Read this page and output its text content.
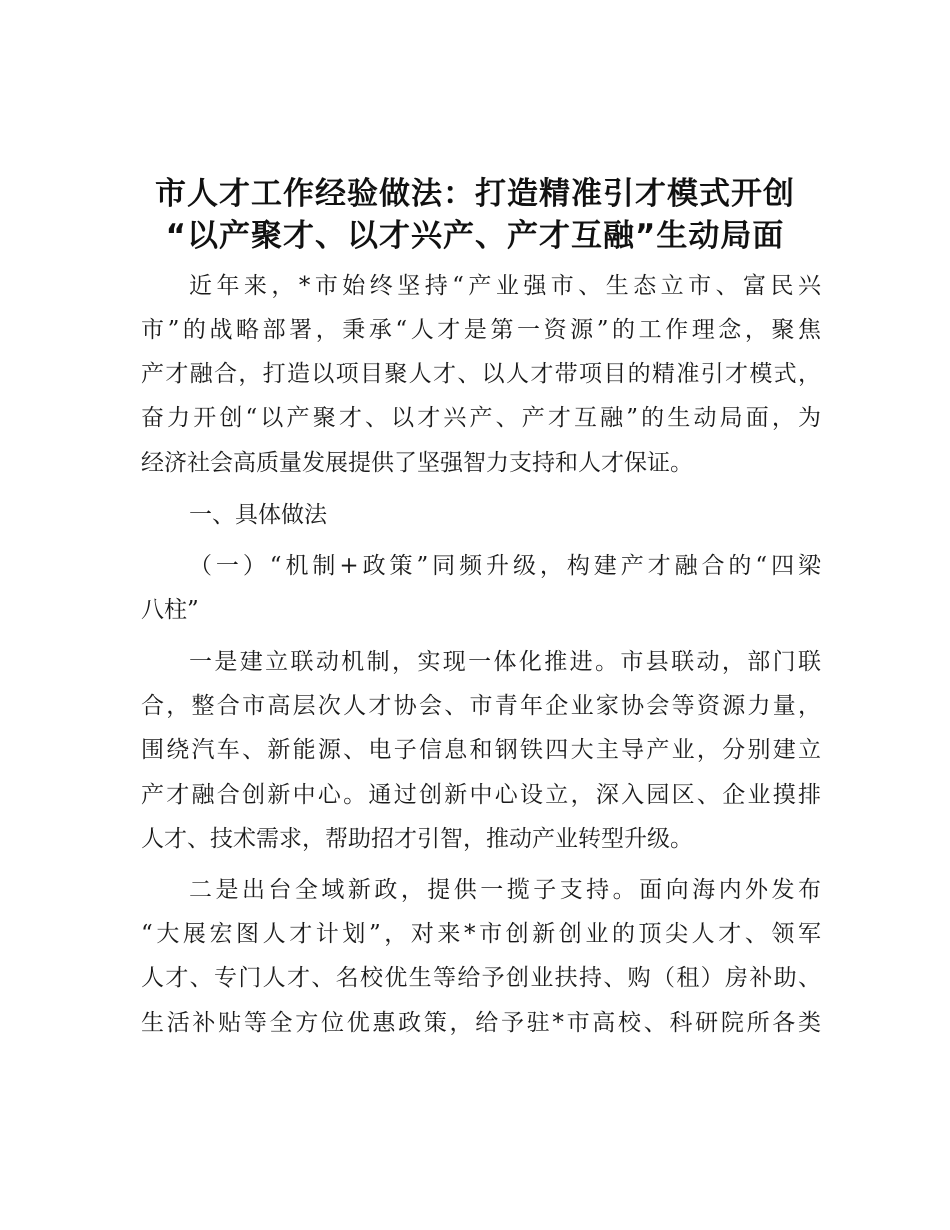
市人才工作经验做法：打造精准引才模式开创
“以产聚才、以才兴产、产才互融”生动局面

近年来，*市始终坚持“产业强市、生态立市、富民兴

市”的战略部署，秉承“人才是第一资源”的工作理念，聚焦

产才融合，打造以项目聚人才、以人才带项目的精准引才模式，

奋力开创“以产聚才、以才兴产、产才互融”的生动局面，为

经济社会高质量发展提供了坚强智力支持和人才保证。

一、具体做法

（一）“机制+政策”同频升级，构建产才融合的“四梁

八柱”

一是建立联动机制，实现一体化推进。市县联动，部门联

合，整合市高层次人才协会、市青年企业家协会等资源力量，

围绕汽车、新能源、电子信息和钢铁四大主导产业，分别建立

产才融合创新中心。通过创新中心设立，深入园区、企业摸排

人才、技术需求，帮助招才引智，推动产业转型升级。

二是出台全域新政，提供一揽子支持。面向海内外发布

“大展宏图人才计划”，对来*市创新创业的顶尖人才、领军

人才、专门人才、名校优生等给予创业扶持、购（租）房补助、

生活补贴等全方位优惠政策，给予驻*市高校、科研院所各类
